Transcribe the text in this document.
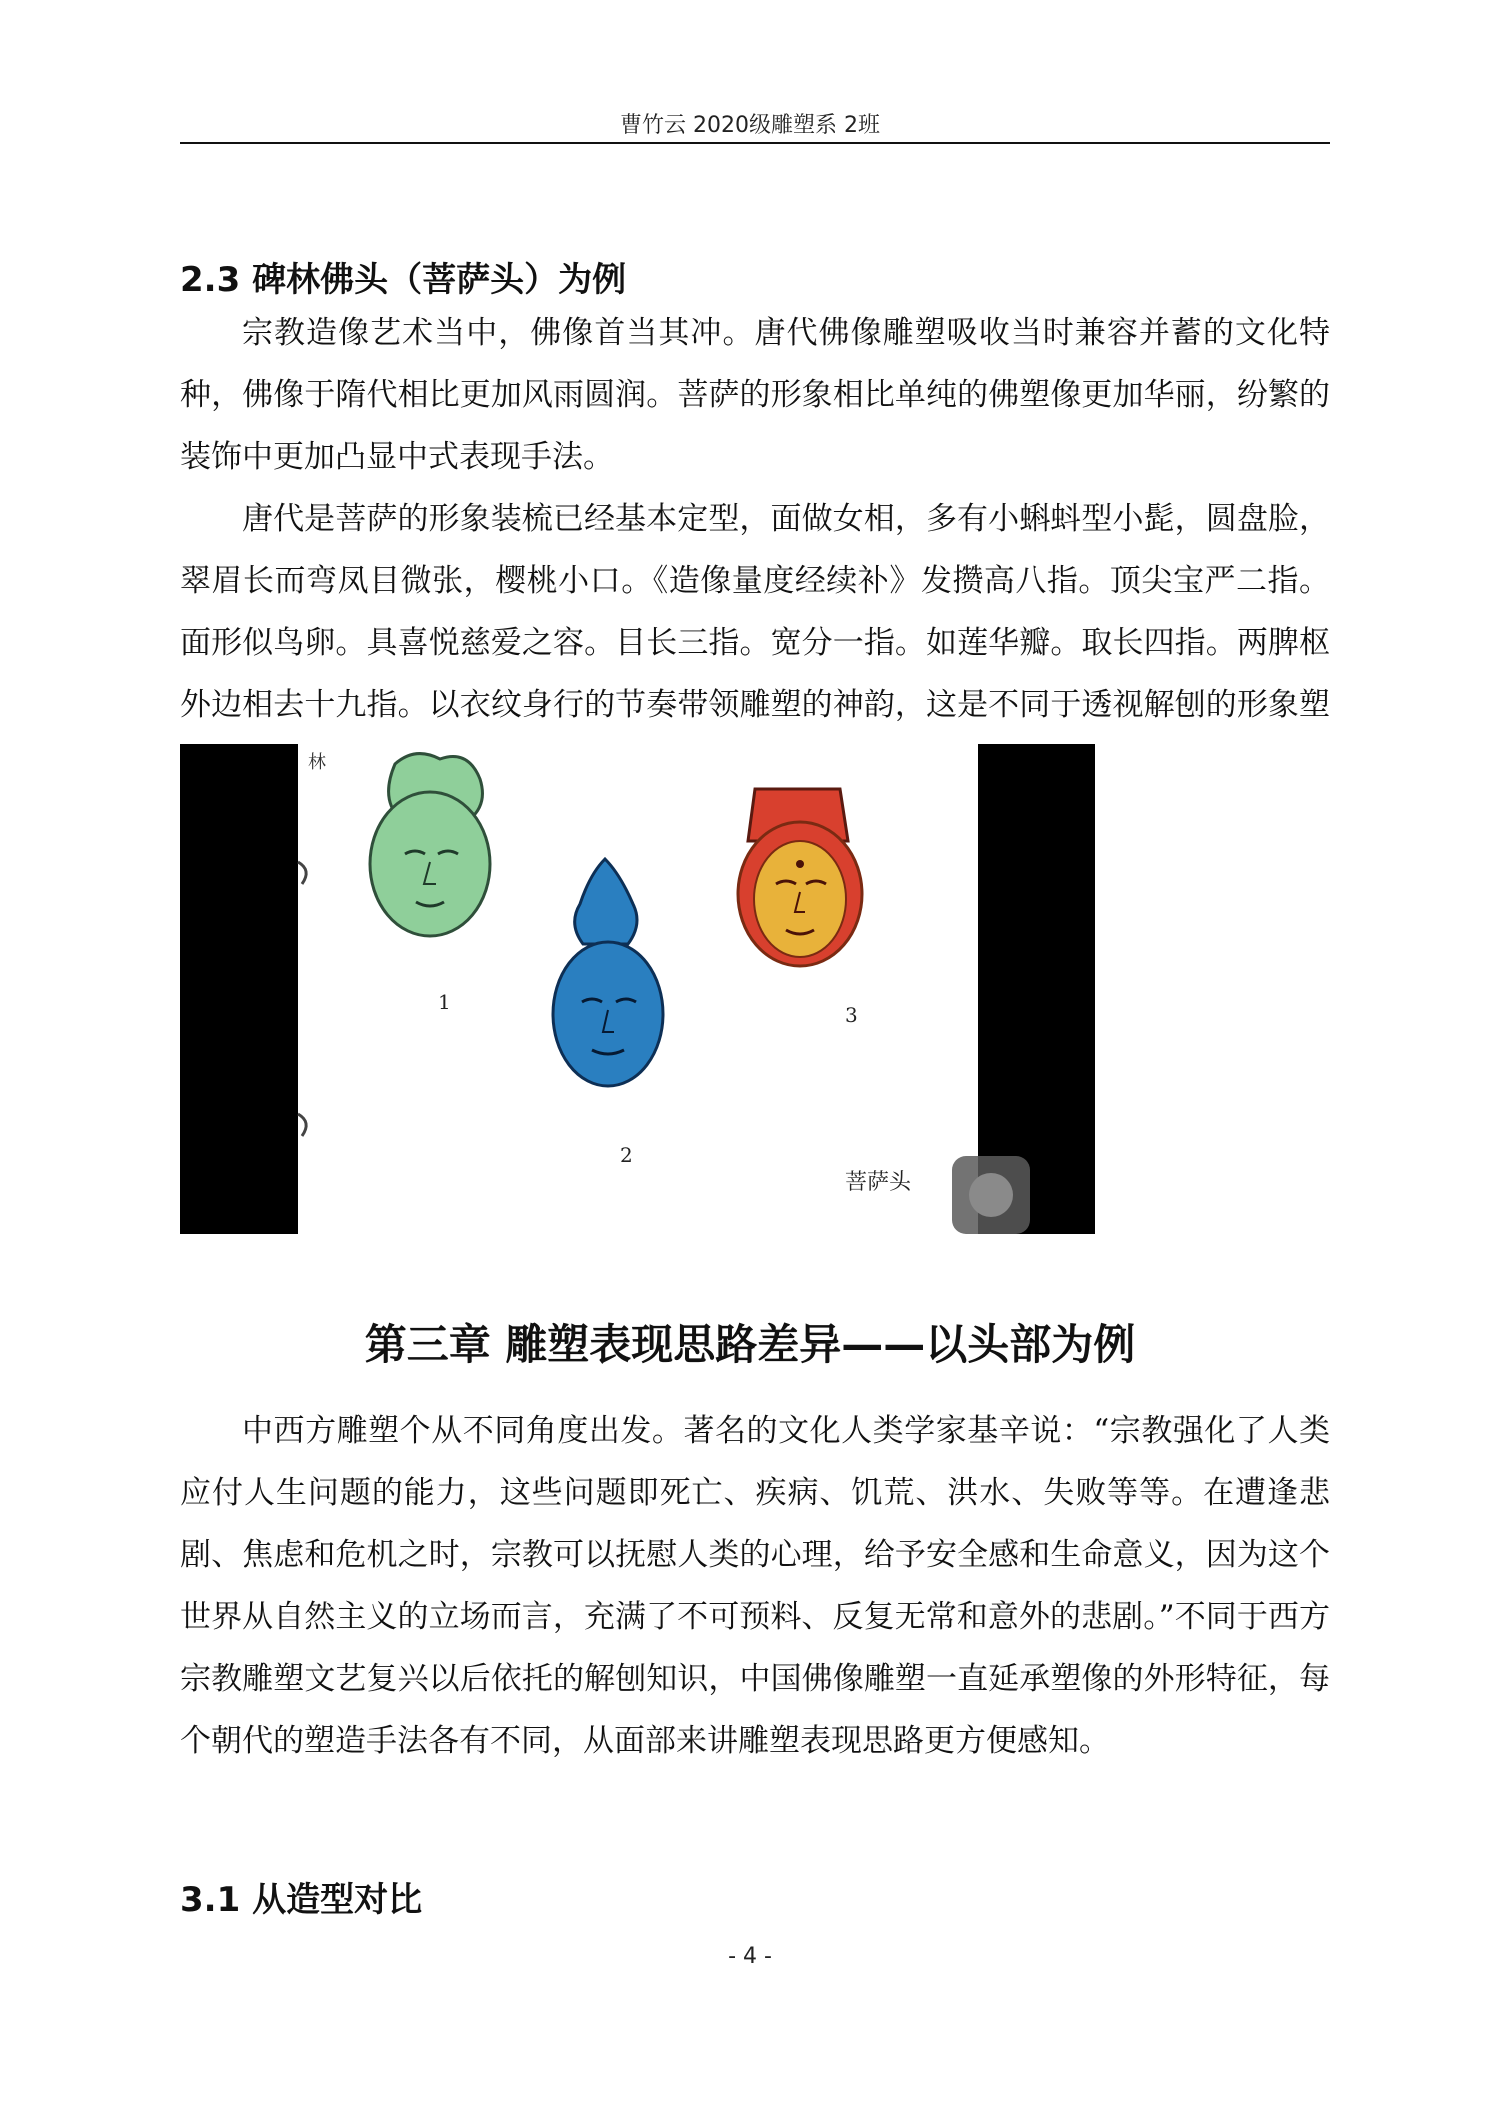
曹竹云 2020级雕塑系 2班
2.3 碑林佛头（菩萨头）为例

宗教造像艺术当中，佛像首当其冲。唐代佛像雕塑吸收当时兼容并蓄的文化特种，佛像于隋代相比更加风雨圆润。菩萨的形象相比单纯的佛塑像更加华丽，纷繁的装饰中更加凸显中式表现手法。

唐代是菩萨的形象装梳已经基本定型，面做女相，多有小蝌蚪型小髭，圆盘脸，翠眉长而弯凤目微张，樱桃小口。《造像量度经续补》发攒高八指。顶尖宝严二指。面形似鸟卵。具喜悦慈爱之容。目长三指。宽分一指。如莲华瓣。取长四指。两脾枢外边相去十九指。以衣纹身行的节奏带领雕塑的神韵，这是不同于透视解刨的形象塑

林
1
2
3
菩萨头
第三章 雕塑表现思路差异——以头部为例

中西方雕塑个从不同角度出发。著名的文化人类学家基辛说：“宗教强化了人类应付人生问题的能力，这些问题即死亡、疾病、饥荒、洪水、失败等等。在遭逢悲剧、焦虑和危机之时，宗教可以抚慰人类的心理，给予安全感和生命意义，因为这个世界从自然主义的立场而言，充满了不可预料、反复无常和意外的悲剧。”不同于西方宗教雕塑文艺复兴以后依托的解刨知识，中国佛像雕塑一直延承塑像的外形特征，每个朝代的塑造手法各有不同，从面部来讲雕塑表现思路更方便感知。

3.1 从造型对比
- 4 -
